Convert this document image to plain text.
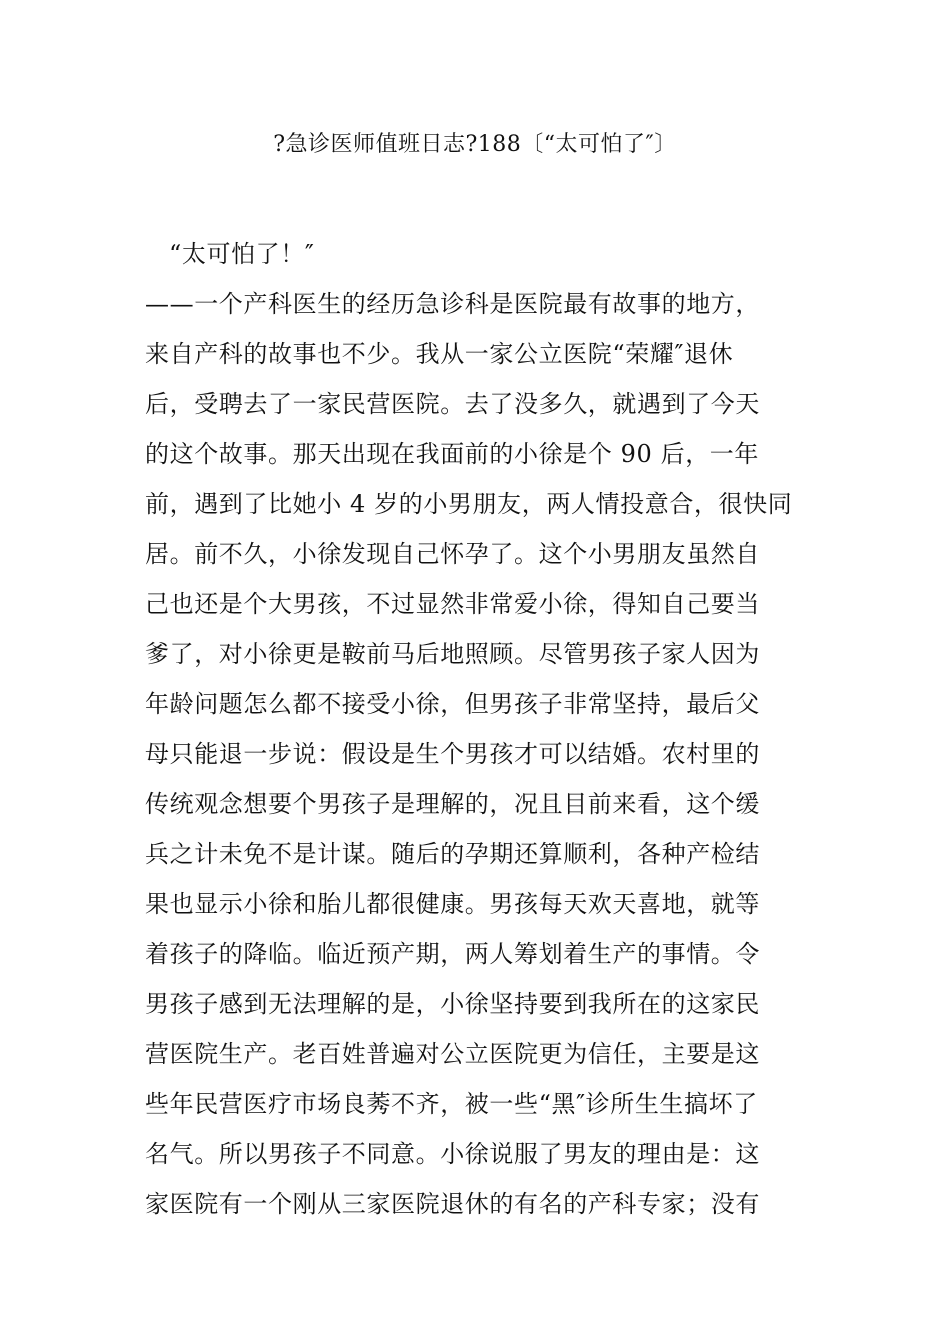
?急诊医师值班日志?188〔“太可怕了″〕
“太可怕了！″
——一个产科医生的经历急诊科是医院最有故事的地方，
来自产科的故事也不少。我从一家公立医院“荣耀″退休
后，受聘去了一家民营医院。去了没多久，就遇到了今天
的这个故事。那天出现在我面前的小徐是个 90 后，一年
前，遇到了比她小 4 岁的小男朋友，两人情投意合，很快同
居。前不久，小徐发现自己怀孕了。这个小男朋友虽然自
己也还是个大男孩，不过显然非常爱小徐，得知自己要当
爹了，对小徐更是鞍前马后地照顾。尽管男孩子家人因为
年龄问题怎么都不接受小徐，但男孩子非常坚持，最后父
母只能退一步说：假设是生个男孩才可以结婚。农村里的
传统观念想要个男孩子是理解的，况且目前来看，这个缓
兵之计未免不是计谋。随后的孕期还算顺利，各种产检结
果也显示小徐和胎儿都很健康。男孩每天欢天喜地，就等
着孩子的降临。临近预产期，两人筹划着生产的事情。令
男孩子感到无法理解的是，小徐坚持要到我所在的这家民
营医院生产。老百姓普遍对公立医院更为信任，主要是这
些年民营医疗市场良莠不齐，被一些“黑″诊所生生搞坏了
名气。所以男孩子不同意。小徐说服了男友的理由是：这
家医院有一个刚从三家医院退休的有名的产科专家；没有
